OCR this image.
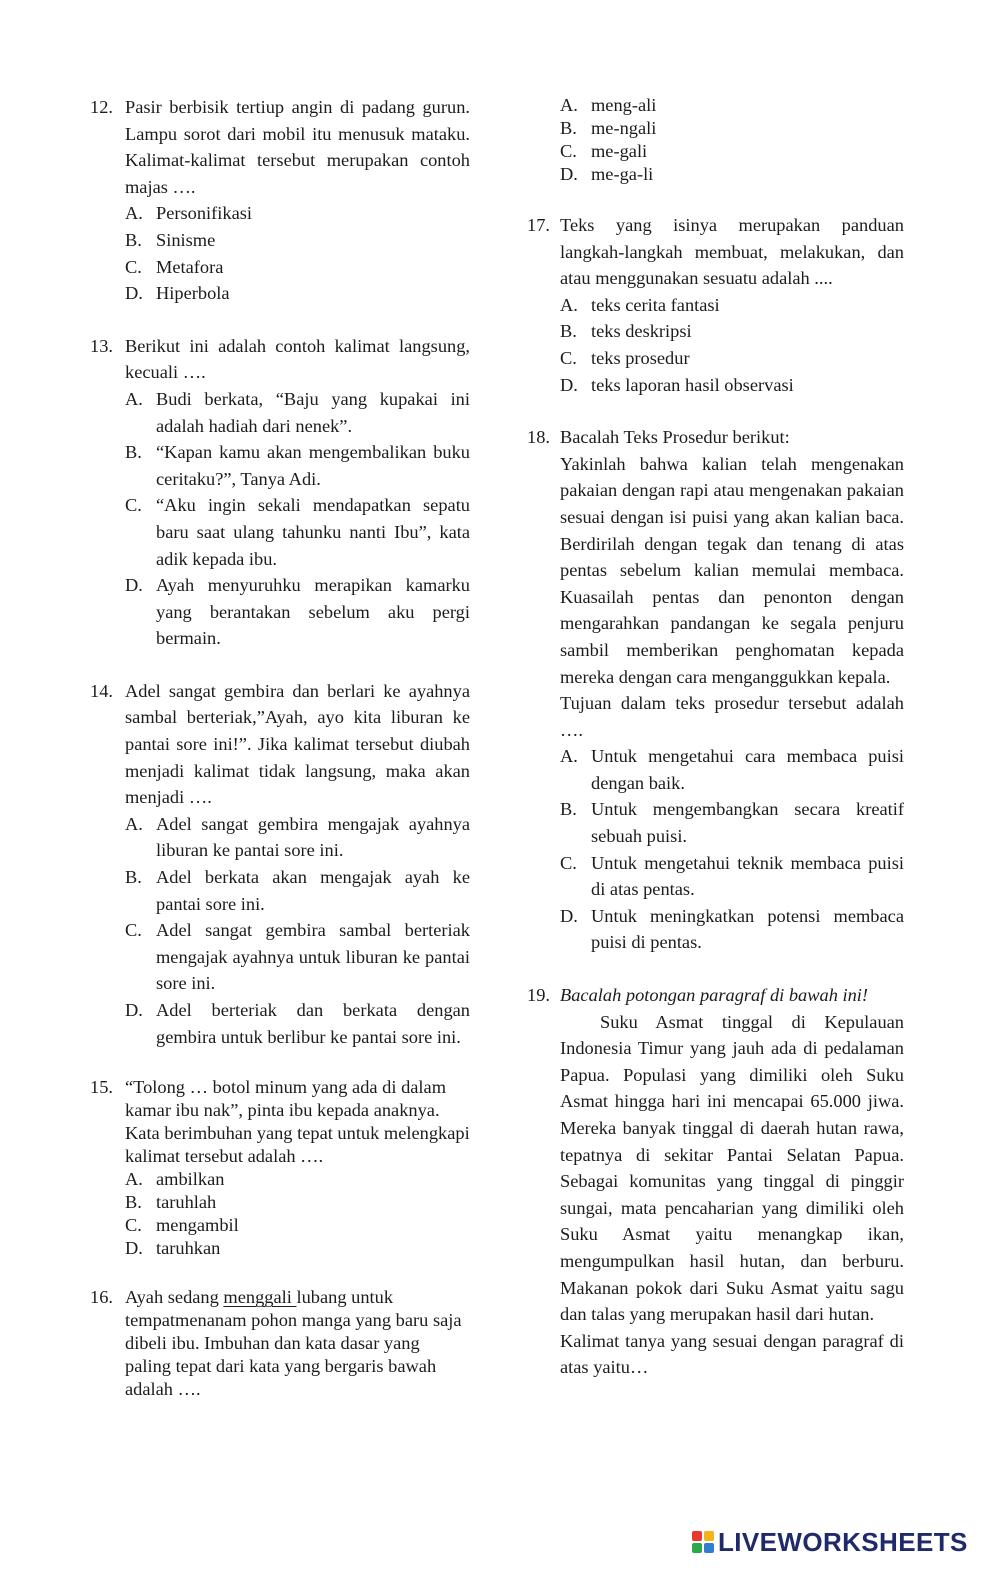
12. Pasir berbisik tertiup angin di padang gurun. Lampu sorot dari mobil itu menusuk mataku. Kalimat-kalimat tersebut merupakan contoh majas ….
A. Personifikasi
B. Sinisme
C. Metafora
D. Hiperbola
13. Berikut ini adalah contoh kalimat langsung, kecuali ….
A. Budi berkata, “Baju yang kupakai ini adalah hadiah dari nenek”.
B. “Kapan kamu akan mengembalikan buku ceritaku?”, Tanya Adi.
C. “Aku ingin sekali mendapatkan sepatu baru saat ulang tahunku nanti Ibu”, kata adik kepada ibu.
D. Ayah menyuruhku merapikan kamarku yang berantakan sebelum aku pergi bermain.
14. Adel sangat gembira dan berlari ke ayahnya sambal berteriak,”Ayah, ayo kita liburan ke pantai sore ini!”. Jika kalimat tersebut diubah menjadi kalimat tidak langsung, maka akan menjadi ….
A. Adel sangat gembira mengajak ayahnya liburan ke pantai sore ini.
B. Adel berkata akan mengajak ayah ke pantai sore ini.
C. Adel sangat gembira sambal berteriak mengajak ayahnya untuk liburan ke pantai sore ini.
D. Adel berteriak dan berkata dengan gembira untuk berlibur ke pantai sore ini.
15. “Tolong … botol minum yang ada di dalam kamar ibu nak”, pinta ibu kepada anaknya. Kata berimbuhan yang tepat untuk melengkapi kalimat tersebut adalah ….
A. ambilkan
B. taruhlah
C. mengambil
D. taruhkan
16. Ayah sedang menggali lubang untuk tempatmenanam pohon manga yang baru saja dibeli ibu. Imbuhan dan kata dasar yang paling tepat dari kata yang bergaris bawah adalah ….
A. meng-ali
B. me-ngali
C. me-gali
D. me-ga-li
17. Teks yang isinya merupakan panduan langkah-langkah membuat, melakukan, dan atau menggunakan sesuatu adalah ....
A. teks cerita fantasi
B. teks deskripsi
C. teks prosedur
D. teks laporan hasil observasi
18. Bacalah Teks Prosedur berikut:
Yakinlah bahwa kalian telah mengenakan pakaian dengan rapi atau mengenakan pakaian sesuai dengan isi puisi yang akan kalian baca. Berdirilah dengan tegak dan tenang di atas pentas sebelum kalian memulai membaca. Kuasailah pentas dan penonton dengan mengarahkan pandangan ke segala penjuru sambil memberikan penghomatan kepada mereka dengan cara menganggukkan kepala.
Tujuan dalam teks prosedur tersebut adalah ….
A. Untuk mengetahui cara membaca puisi dengan baik.
B. Untuk mengembangkan secara kreatif sebuah puisi.
C. Untuk mengetahui teknik membaca puisi di atas pentas.
D. Untuk meningkatkan potensi membaca puisi di pentas.
19. Bacalah potongan paragraf di bawah ini!
Suku Asmat tinggal di Kepulauan Indonesia Timur yang jauh ada di pedalaman Papua. Populasi yang dimiliki oleh Suku Asmat hingga hari ini mencapai 65.000 jiwa. Mereka banyak tinggal di daerah hutan rawa, tepatnya di sekitar Pantai Selatan Papua. Sebagai komunitas yang tinggal di pinggir sungai, mata pencaharian yang dimiliki oleh Suku Asmat yaitu menangkap ikan, mengumpulkan hasil hutan, dan berburu. Makanan pokok dari Suku Asmat yaitu sagu dan talas yang merupakan hasil dari hutan.
Kalimat tanya yang sesuai dengan paragraf di atas yaitu…
LIVEWORKSHEETS
